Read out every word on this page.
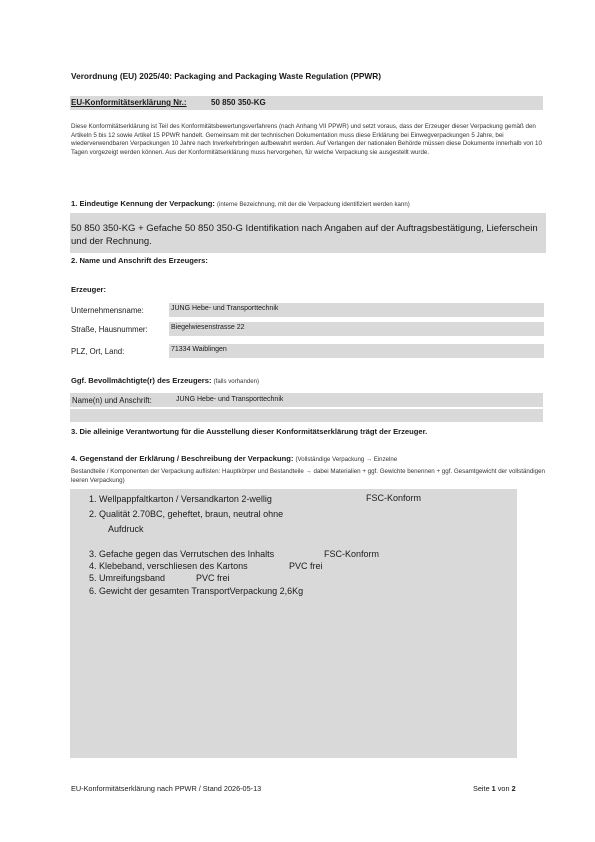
Verordnung (EU) 2025/40: Packaging and Packaging Waste Regulation (PPWR)
EU-Konformitätserklärung Nr.:	50 850 350-KG
Diese Konformitätserklärung ist Teil des Konformitätsbewertungsverfahrens (nach Anhang VII PPWR) und setzt voraus, dass der Erzeuger dieser Verpackung gemäß den Artikeln 5 bis 12 sowie Artikel 15 PPWR handelt. Gemeinsam mit der technischen Dokumentation muss diese Erklärung bei Einwegverpackungen 5 Jahre, bei wiederverwendbaren Verpackungen 10 Jahre nach Inverkehrbringen aufbewahrt werden. Auf Verlangen der nationalen Behörde müssen diese Dokumente innerhalb von 10 Tagen vorgezeigt werden können. Aus der Konformitätserklärung muss hervorgehen, für welche Verpackung sie ausgestellt wurde.
1. Eindeutige Kennung der Verpackung: (interne Bezeichnung, mit der die Verpackung identifiziert werden kann)
50 850 350-KG + Gefache 50 850 350-G Identifikation nach Angaben auf der Auftragsbestätigung, Lieferschein und der Rechnung.
2. Name und Anschrift des Erzeugers:
Erzeuger:
Unternehmensname:	JUNG Hebe- und Transporttechnik
Straße, Hausnummer:	Biegelwiesenstrasse 22
PLZ, Ort, Land:	71334 Waiblingen
Ggf. Bevollmächtigte(r) des Erzeugers: (falls vorhanden)
Name(n) und Anschrift:	JUNG Hebe- und Transporttechnik
3. Die alleinige Verantwortung für die Ausstellung dieser Konformitätserklärung trägt der Erzeuger.
4. Gegenstand der Erklärung / Beschreibung der Verpackung: (Vollständige Verpackung → Einzelne
Bestandteile / Komponenten der Verpackung auflisten: Hauptkörper und Bestandteile → dabei Materialien + ggf. Gewichte benennen + ggf. Gesamtgewicht der vollständigen leeren Verpackung)
1. Wellpappfaltkarton / Versandkarton 2-wellig	FSC-Konform
2. Qualität 2.70BC, geheftet, braun, neutral ohne
Aufdruck
3. Gefache gegen das Verrutschen des Inhalts	FSC-Konform
4. Klebeband, verschliesen des Kartons	PVC frei
5. Umreifungsband	PVC frei
6. Gewicht der gesamten TransportVerpackung 2,6Kg
EU-Konformitätserklärung nach PPWR / Stand 2026-05-13	Seite 1 von 2
